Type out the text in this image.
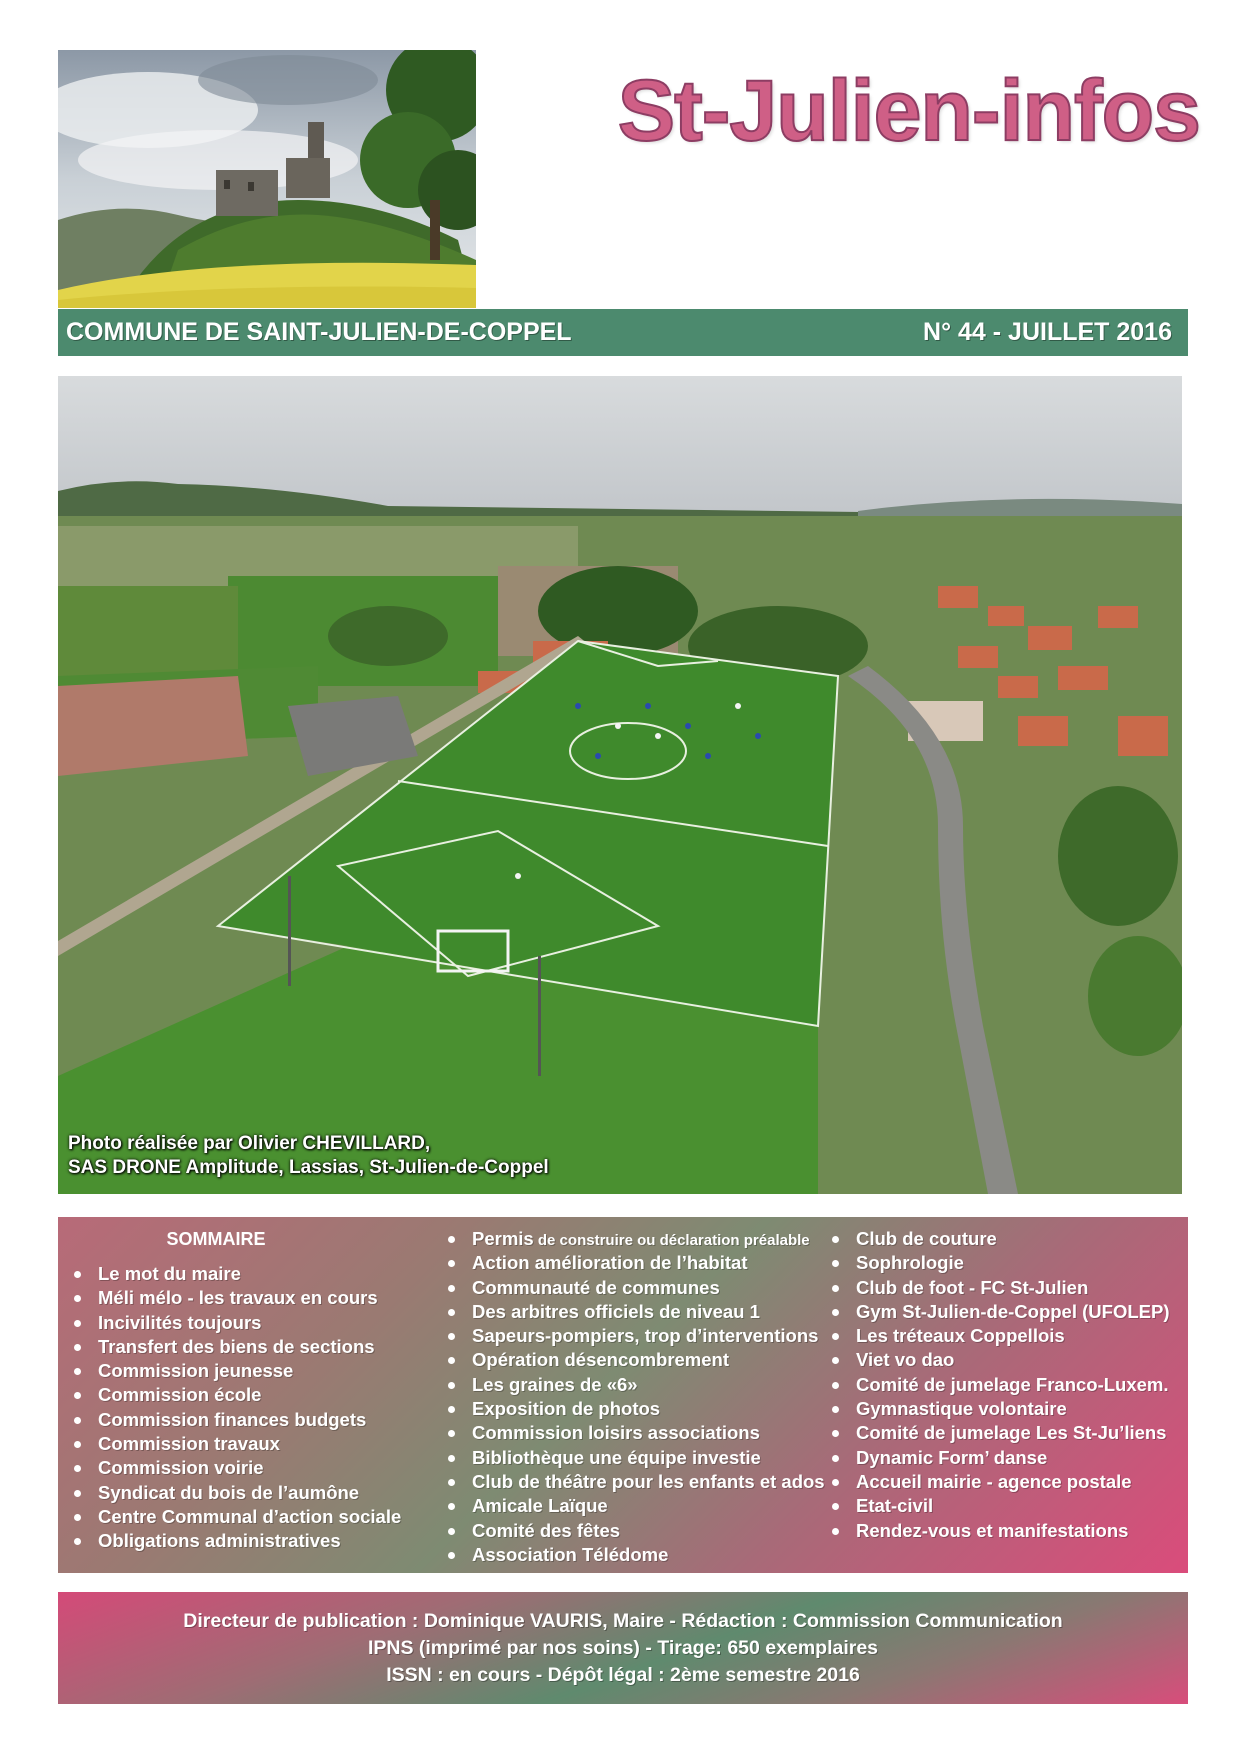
St-Julien-infos
COMMUNE DE SAINT-JULIEN-DE-COPPEL	N° 44 - JUILLET 2016
Photo réalisée par Olivier CHEVILLARD,
SAS DRONE Amplitude, Lassias, St-Julien-de-Coppel
SOMMAIRE
Le mot du maire
Méli mélo - les travaux en cours
Incivilités toujours
Transfert des biens de sections
Commission jeunesse
Commission école
Commission finances budgets
Commission travaux
Commission voirie
Syndicat du bois de l’aumône
Centre Communal d’action sociale
Obligations administratives
Permis de construire ou déclaration préalable
Action amélioration de l’habitat
Communauté de communes
Des arbitres officiels de niveau 1
Sapeurs-pompiers, trop d’interventions
Opération désencombrement
Les graines de «6»
Exposition de photos
Commission loisirs associations
Bibliothèque une équipe investie
Club de théâtre pour les enfants et ados
Amicale Laïque
Comité des fêtes
Association Télédome
Club de couture
Sophrologie
Club de foot - FC St-Julien
Gym St-Julien-de-Coppel (UFOLEP)
Les tréteaux Coppellois
Viet vo dao
Comité de jumelage Franco-Luxem.
Gymnastique volontaire
Comité de jumelage Les St-Ju’liens
Dynamic Form’ danse
Accueil mairie - agence postale
Etat-civil
Rendez-vous et manifestations
Directeur de publication : Dominique VAURIS, Maire - Rédaction : Commission Communication
IPNS (imprimé par nos soins) - Tirage: 650 exemplaires
ISSN : en cours - Dépôt légal : 2ème semestre 2016
